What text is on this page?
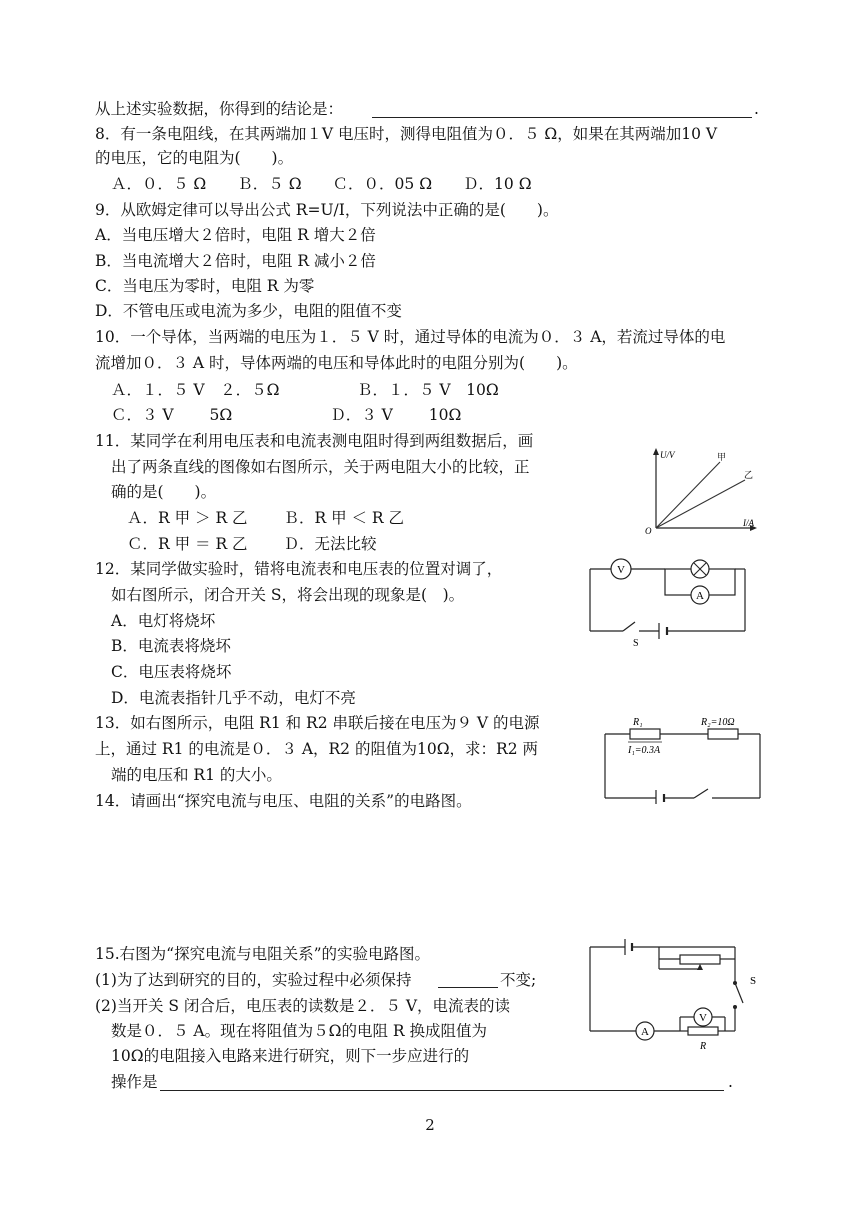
从上述实验数据，你得到的结论是：	.
8．有一条电阻线，在其两端加１V 电压时，测得电阻值为０．５ Ω，如果在其两端加10 V
的电压，它的电阻为(　　)。
Ａ．０．５ Ω　　Ｂ．５ Ω　　Ｃ．０．05 Ω　　Ｄ．10 Ω
9．从欧姆定律可以导出公式 R=U/I，下列说法中正确的是(　　)。
A．当电压增大２倍时，电阻 R 增大２倍
B．当电流增大２倍时，电阻 R 减小２倍
C．当电压为零时，电阻 R 为零
D．不管电压或电流为多少，电阻的阻值不变
10．一个导体，当两端的电压为１．５ V 时，通过导体的电流为０．３ A，若流过导体的电
流增加０．３ A 时，导体两端的电压和导体此时的电阻分别为(　　)。
Ａ．１．５ V　２．５Ω　　　　　Ｂ．１．５ V　10Ω
Ｃ．３ V　　 5Ω　　　　　　 Ｄ．３ V　　 10Ω
11．某同学在利用电压表和电流表测电阻时得到两组数据后，画
出了两条直线的图像如右图所示，关于两电阻大小的比较，正
确的是(　　)。
Ａ．R 甲 ＞ R 乙　　 Ｂ．R 甲 ＜ R 乙
Ｃ．R 甲 ＝ R 乙　　 Ｄ．无法比较
12．某同学做实验时，错将电流表和电压表的位置对调了，
如右图所示，闭合开关 S，将会出现的现象是(　)。
A．电灯将烧坏
B．电流表将烧坏
C．电压表将烧坏
D．电流表指针几乎不动，电灯不亮
13．如右图所示，电阻 R1 和 R2 串联后接在电压为９ V 的电源
上，通过 R1 的电流是０．３ A，R2 的阻值为10Ω，求：R2 两
端的电压和 R1 的大小。
14．请画出“探究电流与电压、电阻的关系”的电路图。
15.右图为“探究电流与电阻关系”的实验电路图。
(1)为了达到研究的目的，实验过程中必须保持	不变;
(2)当开关 S 闭合后，电压表的读数是２．５ V，电流表的读
数是０．５ A。现在将阻值为５Ω的电阻 R 换成阻值为
10Ω的电阻接入电路来进行研究，则下一步应进行的
操作是	.
2
U/V
I/A
O
甲
乙
V
A
S
R₁	R₂=10Ω
I₁=0.3A
S
V
A
R
